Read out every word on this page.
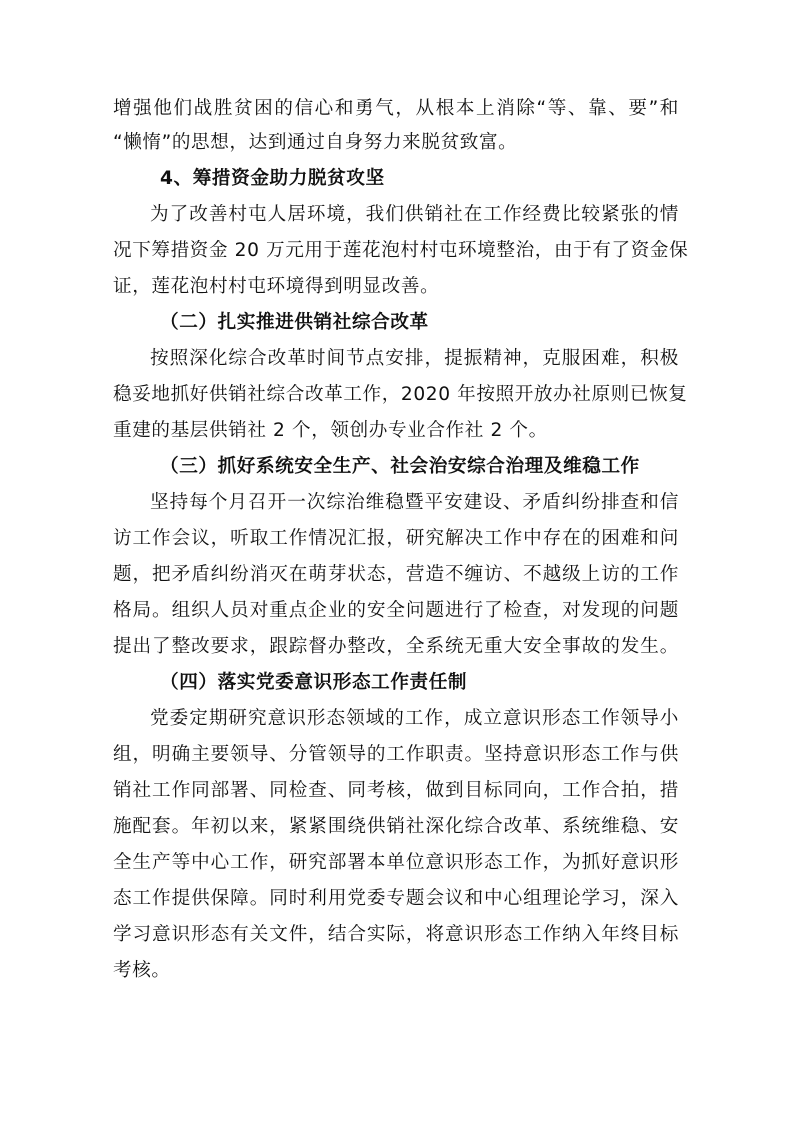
增强他们战胜贫困的信心和勇气，从根本上消除“等、靠、要”和
“懒惰”的思想，达到通过自身努力来脱贫致富。
4、筹措资金助力脱贫攻坚
为了改善村屯人居环境，我们供销社在工作经费比较紧张的情
况下筹措资金 20 万元用于莲花泡村村屯环境整治，由于有了资金保
证，莲花泡村村屯环境得到明显改善。
（二）扎实推进供销社综合改革
按照深化综合改革时间节点安排，提振精神，克服困难，积极
稳妥地抓好供销社综合改革工作，2020 年按照开放办社原则已恢复
重建的基层供销社 2 个，领创办专业合作社 2 个。
（三）抓好系统安全生产、社会治安综合治理及维稳工作
坚持每个月召开一次综治维稳暨平安建设、矛盾纠纷排查和信
访工作会议，听取工作情况汇报，研究解决工作中存在的困难和问
题，把矛盾纠纷消灭在萌芽状态，营造不缠访、不越级上访的工作
格局。组织人员对重点企业的安全问题进行了检查，对发现的问题
提出了整改要求，跟踪督办整改，全系统无重大安全事故的发生。
（四）落实党委意识形态工作责任制
党委定期研究意识形态领域的工作，成立意识形态工作领导小
组，明确主要领导、分管领导的工作职责。坚持意识形态工作与供
销社工作同部署、同检查、同考核，做到目标同向，工作合拍，措
施配套。年初以来，紧紧围绕供销社深化综合改革、系统维稳、安
全生产等中心工作，研究部署本单位意识形态工作，为抓好意识形
态工作提供保障。同时利用党委专题会议和中心组理论学习，深入
学习意识形态有关文件，结合实际，将意识形态工作纳入年终目标
考核。
